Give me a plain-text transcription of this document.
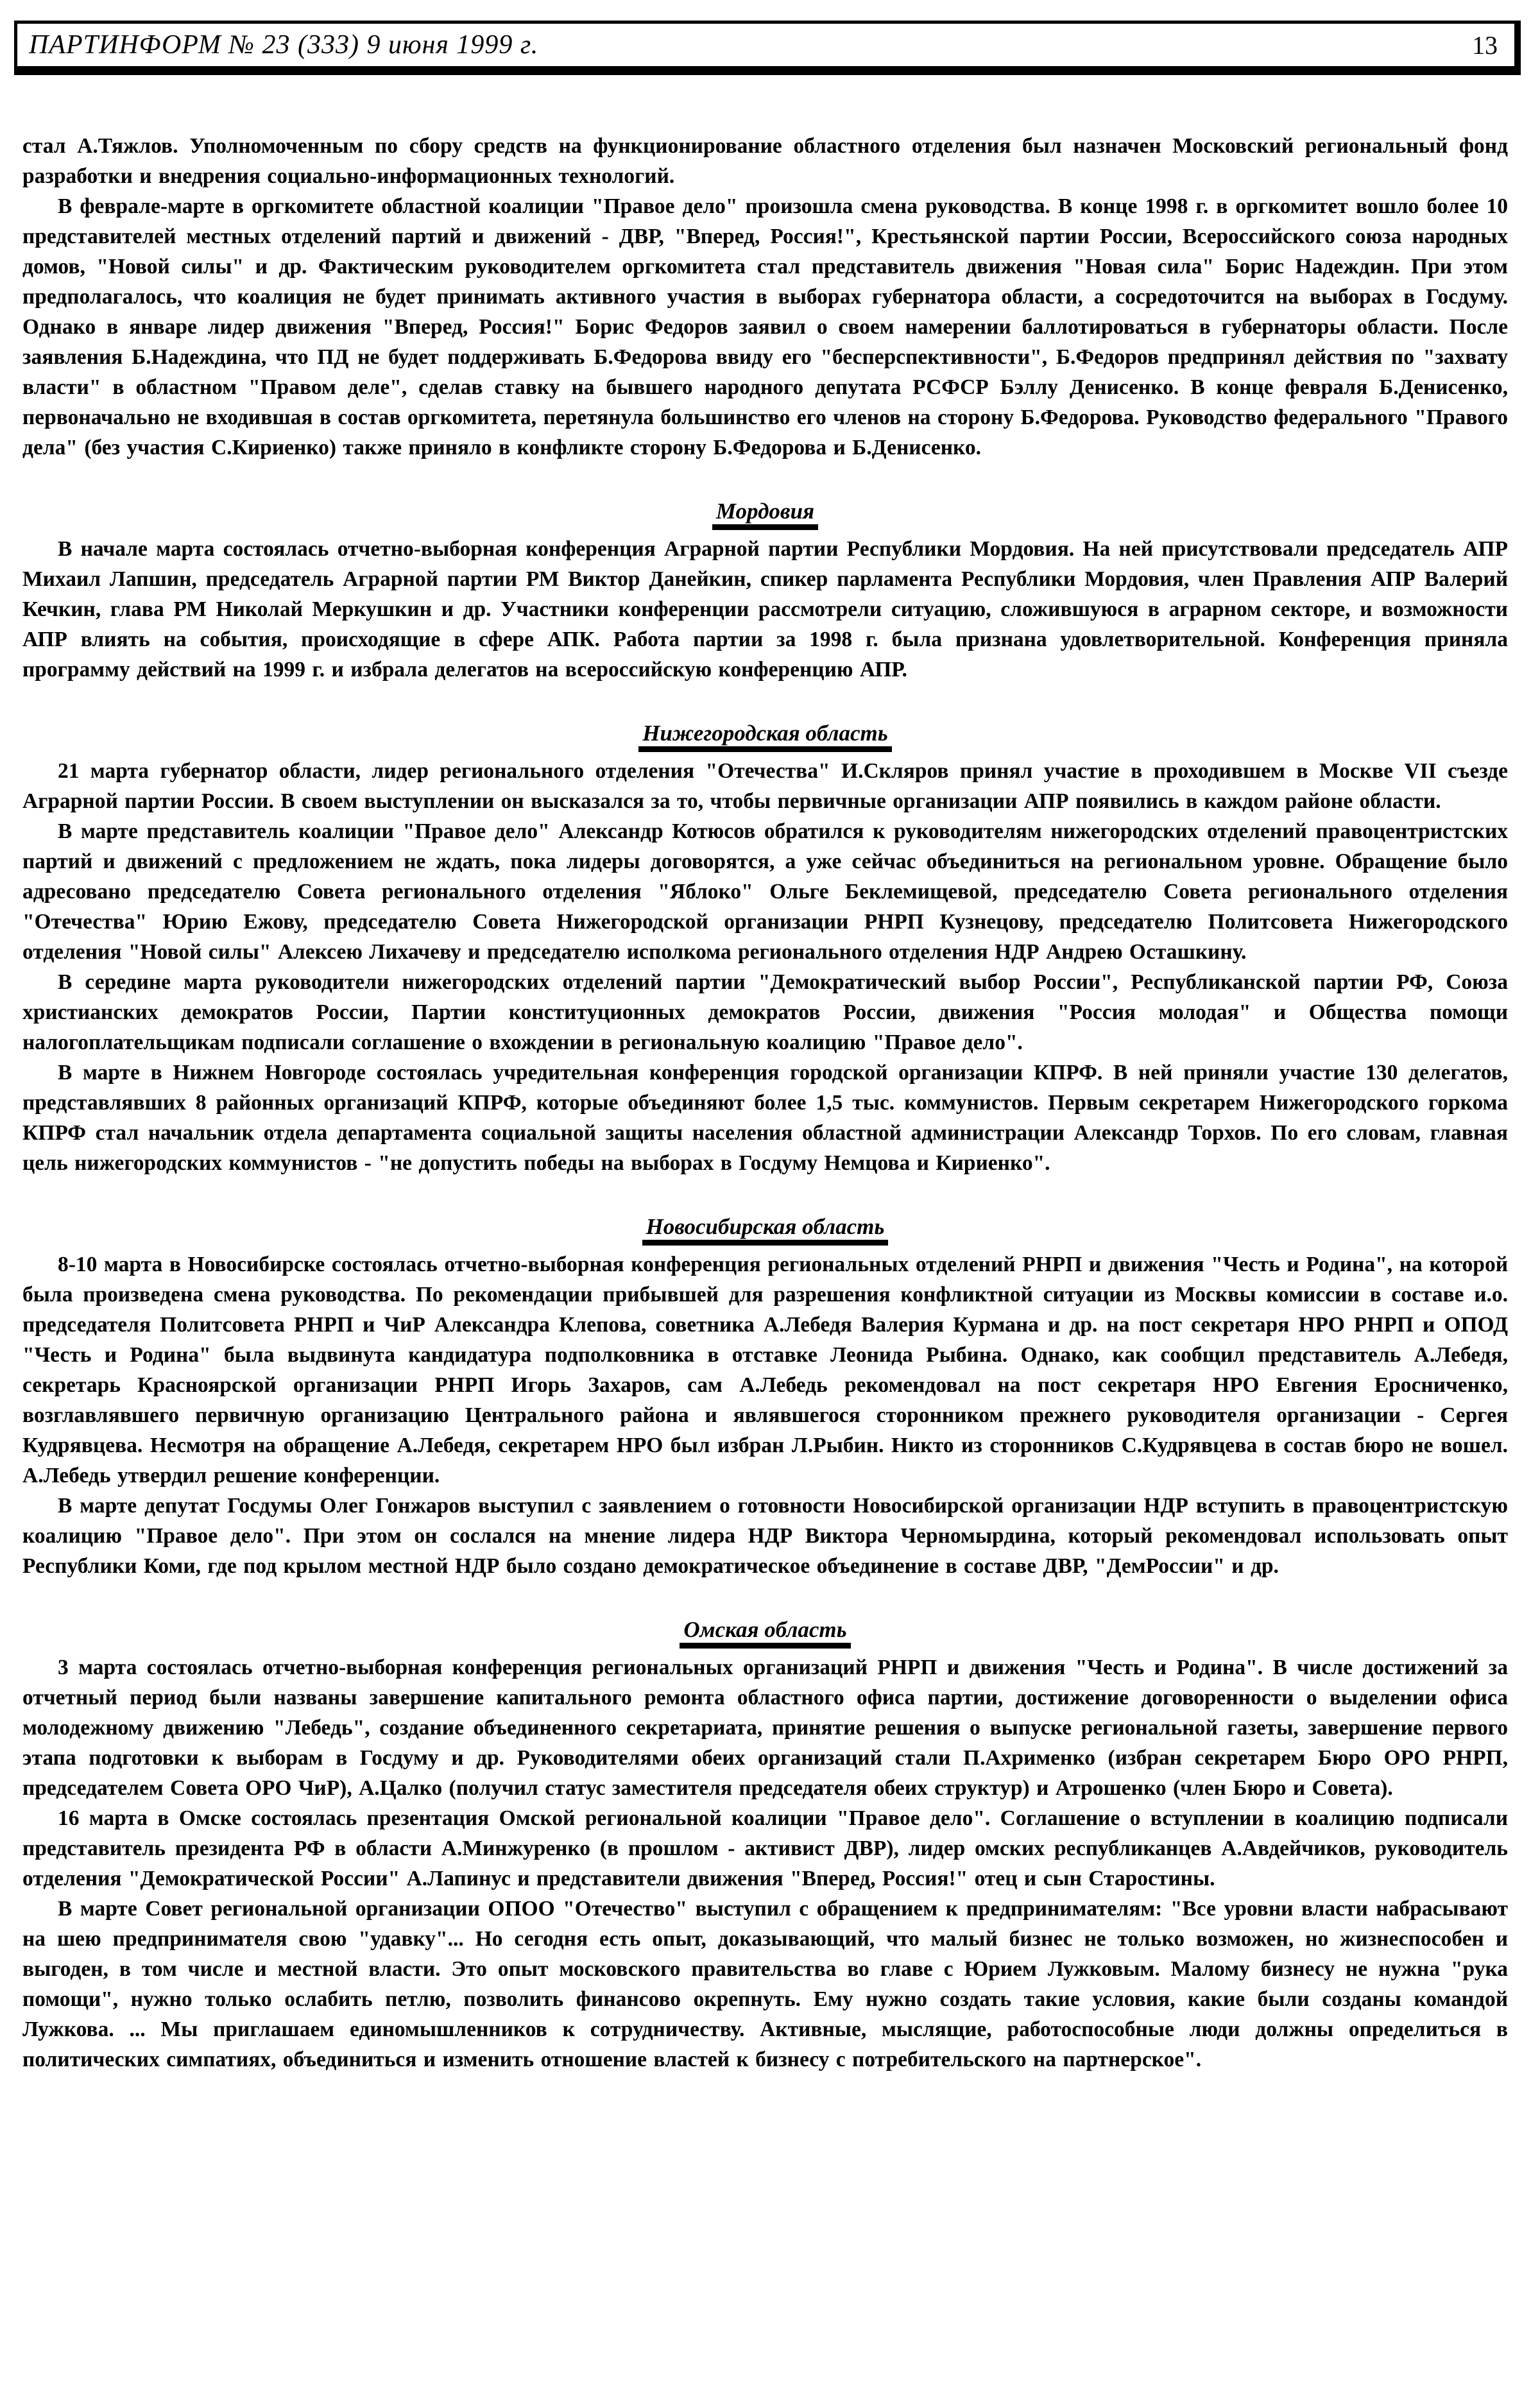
ПАРТИНФОРМ № 23 (333) 9 июня 1999 г.	13

стал А.Тяжлов. Уполномоченным по сбору средств на функционирование областного отделения был назначен Московский региональный фонд разработки и внедрения социально-информационных технологий.

В феврале-марте в оргкомитете областной коалиции "Правое дело" произошла смена руководства. В конце 1998 г. в оргкомитет вошло более 10 представителей местных отделений партий и движений - ДВР, "Вперед, Россия!", Крестьянской партии России, Всероссийского союза народных домов, "Новой силы" и др. Фактическим руководителем оргкомитета стал представитель движения "Новая сила" Борис Надеждин. При этом предполагалось, что коалиция не будет принимать активного участия в выборах губернатора области, а сосредоточится на выборах в Госдуму. Однако в январе лидер движения "Вперед, Россия!" Борис Федоров заявил о своем намерении баллотироваться в губернаторы области. После заявления Б.Надеждина, что ПД не будет поддерживать Б.Федорова ввиду его "бесперспективности", Б.Федоров предпринял действия по "захвату власти" в областном "Правом деле", сделав ставку на бывшего народного депутата РСФСР Бэллу Денисенко. В конце февраля Б.Денисенко, первоначально не входившая в состав оргкомитета, перетянула большинство его членов на сторону Б.Федорова. Руководство федерального "Правого дела" (без участия С.Кириенко) также приняло в конфликте сторону Б.Федорова и Б.Денисенко.

Мордовия

В начале марта состоялась отчетно-выборная конференция Аграрной партии Республики Мордовия. На ней присутствовали председатель АПР Михаил Лапшин, председатель Аграрной партии РМ Виктор Данейкин, спикер парламента Республики Мордовия, член Правления АПР Валерий Кечкин, глава РМ Николай Меркушкин и др. Участники конференции рассмотрели ситуацию, сложившуюся в аграрном секторе, и возможности АПР влиять на события, происходящие в сфере АПК. Работа партии за 1998 г. была признана удовлетворительной. Конференция приняла программу действий на 1999 г. и избрала делегатов на всероссийскую конференцию АПР.

Нижегородская область

21 марта губернатор области, лидер регионального отделения "Отечества" И.Скляров принял участие в проходившем в Москве VII съезде Аграрной партии России. В своем выступлении он высказался за то, чтобы первичные организации АПР появились в каждом районе области.

В марте представитель коалиции "Правое дело" Александр Котюсов обратился к руководителям нижегородских отделений правоцентристских партий и движений с предложением не ждать, пока лидеры договорятся, а уже сейчас объединиться на региональном уровне. Обращение было адресовано председателю Совета регионального отделения "Яблоко" Ольге Беклемищевой, председателю Совета регионального отделения "Отечества" Юрию Ежову, председателю Совета Нижегородской организации РНРП Кузнецову, председателю Политсовета Нижегородского отделения "Новой силы" Алексею Лихачеву и председателю исполкома регионального отделения НДР Андрею Осташкину.

В середине марта руководители нижегородских отделений партии "Демократический выбор России", Республиканской партии РФ, Союза христианских демократов России, Партии конституционных демократов России, движения "Россия молодая" и Общества помощи налогоплательщикам подписали соглашение о вхождении в региональную коалицию "Правое дело".

В марте в Нижнем Новгороде состоялась учредительная конференция городской организации КПРФ. В ней приняли участие 130 делегатов, представлявших 8 районных организаций КПРФ, которые объединяют более 1,5 тыс. коммунистов. Первым секретарем Нижегородского горкома КПРФ стал начальник отдела департамента социальной защиты населения областной администрации Александр Торхов. По его словам, главная цель нижегородских коммунистов - "не допустить победы на выборах в Госдуму Немцова и Кириенко".

Новосибирская область

8-10 марта в Новосибирске состоялась отчетно-выборная конференция региональных отделений РНРП и движения "Честь и Родина", на которой была произведена смена руководства. По рекомендации прибывшей для разрешения конфликтной ситуации из Москвы комиссии в составе и.о. председателя Политсовета РНРП и ЧиР Александра Клепова, советника А.Лебедя Валерия Курмана и др. на пост секретаря НРО РНРП и ОПОД "Честь и Родина" была выдвинута кандидатура подполковника в отставке Леонида Рыбина. Однако, как сообщил представитель А.Лебедя, секретарь Красноярской организации РНРП Игорь Захаров, сам А.Лебедь рекомендовал на пост секретаря НРО Евгения Еросниченко, возглавлявшего первичную организацию Центрального района и являвшегося сторонником прежнего руководителя организации - Сергея Кудрявцева. Несмотря на обращение А.Лебедя, секретарем НРО был избран Л.Рыбин. Никто из сторонников С.Кудрявцева в состав бюро не вошел. А.Лебедь утвердил решение конференции.

В марте депутат Госдумы Олег Гонжаров выступил с заявлением о готовности Новосибирской организации НДР вступить в правоцентристскую коалицию "Правое дело". При этом он сослался на мнение лидера НДР Виктора Черномырдина, который рекомендовал использовать опыт Республики Коми, где под крылом местной НДР было создано демократическое объединение в составе ДВР, "ДемРоссии" и др.

Омская область

3 марта состоялась отчетно-выборная конференция региональных организаций РНРП и движения "Честь и Родина". В числе достижений за отчетный период были названы завершение капитального ремонта областного офиса партии, достижение договоренности о выделении офиса молодежному движению "Лебедь", создание объединенного секретариата, принятие решения о выпуске региональной газеты, завершение первого этапа подготовки к выборам в Госдуму и др. Руководителями обеих организаций стали П.Ахрименко (избран секретарем Бюро ОРО РНРП, председателем Совета ОРО ЧиР), А.Цалко (получил статус заместителя председателя обеих структур) и Атрошенко (член Бюро и Совета).

16 марта в Омске состоялась презентация Омской региональной коалиции "Правое дело". Соглашение о вступлении в коалицию подписали представитель президента РФ в области А.Минжуренко (в прошлом - активист ДВР), лидер омских республиканцев А.Авдейчиков, руководитель отделения "Демократической России" А.Лапинус и представители движения "Вперед, Россия!" отец и сын Старостины.

В марте Совет региональной организации ОПОО "Отечество" выступил с обращением к предпринимателям: "Все уровни власти набрасывают на шею предпринимателя свою "удавку"... Но сегодня есть опыт, доказывающий, что малый бизнес не только возможен, но жизнеспособен и выгоден, в том числе и местной власти. Это опыт московского правительства во главе с Юрием Лужковым. Малому бизнесу не нужна "рука помощи", нужно только ослабить петлю, позволить финансово окрепнуть. Ему нужно создать такие условия, какие были созданы командой Лужкова. ... Мы приглашаем единомышленников к сотрудничеству. Активные, мыслящие, работоспособные люди должны определиться в политических симпатиях, объединиться и изменить отношение властей к бизнесу с потребительского на партнерское".
